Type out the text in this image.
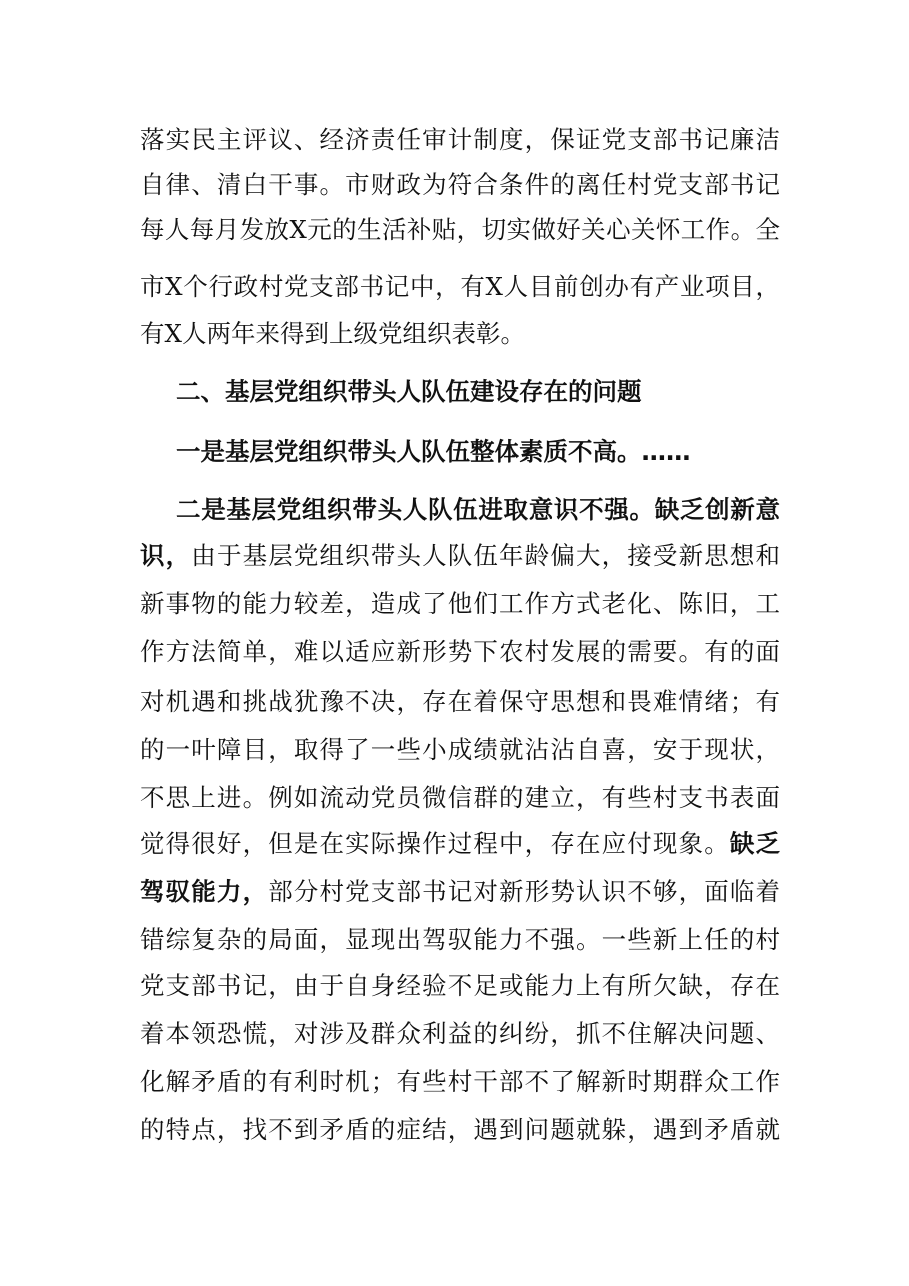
落实民主评议、经济责任审计制度，保证党支部书记廉洁
自律、清白干事。市财政为符合条件的离任村党支部书记
每人每月发放X元的生活补贴，切实做好关心关怀工作。全
市X个行政村党支部书记中，有X人目前创办有产业项目，
有X人两年来得到上级党组织表彰。
二、基层党组织带头人队伍建设存在的问题
一是基层党组织带头人队伍整体素质不高。……
二是基层党组织带头人队伍进取意识不强。缺乏创新意
识，由于基层党组织带头人队伍年龄偏大，接受新思想和
新事物的能力较差，造成了他们工作方式老化、陈旧，工
作方法简单，难以适应新形势下农村发展的需要。有的面
对机遇和挑战犹豫不决，存在着保守思想和畏难情绪；有
的一叶障目，取得了一些小成绩就沾沾自喜，安于现状，
不思上进。例如流动党员微信群的建立，有些村支书表面
觉得很好，但是在实际操作过程中，存在应付现象。缺乏
驾驭能力，部分村党支部书记对新形势认识不够，面临着
错综复杂的局面，显现出驾驭能力不强。一些新上任的村
党支部书记，由于自身经验不足或能力上有所欠缺，存在
着本领恐慌，对涉及群众利益的纠纷，抓不住解决问题、
化解矛盾的有利时机；有些村干部不了解新时期群众工作
的特点，找不到矛盾的症结，遇到问题就躲，遇到矛盾就
